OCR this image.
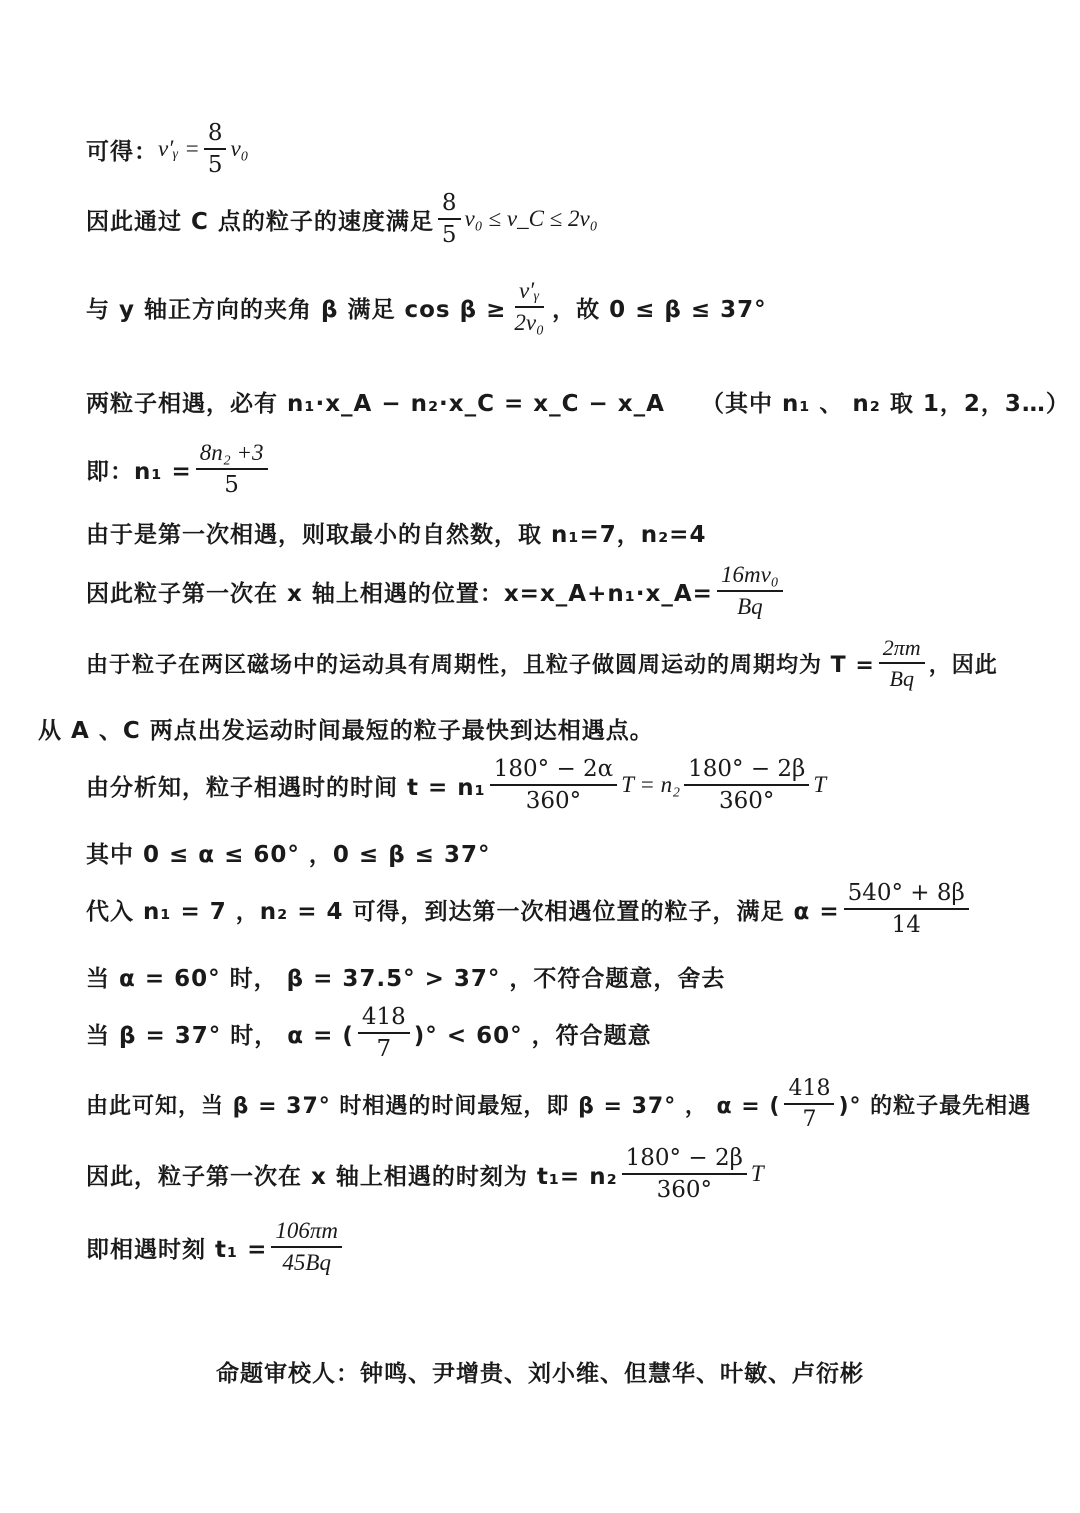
可得： v′ᵧ = $\frac{8}{5} v_0$
因此通过 C 点的粒子的速度满足 $\frac{8}{5} v_0$ ≤ v_C ≤ 2v₀
与 y 轴正方向的夹角 β 满足 $\cos \beta \ge \frac{\text{v′ᵧ}}{\text{2v₀}}$ ，故 0 ≤ β ≤ 37°
两粒子相遇，必有 n₁·x_A − n₂·x_C = x_C − x_A （其中 n₁ 、 n₂ 取 1，2，3…）
即：$n_1 = \frac{\text{8n₂ +3}}{5}$
由于是第一次相遇，则取最小的自然数，取 n₁=7，n₂=4
因此粒子第一次在 x 轴上相遇的位置：x=x_A+n₁·x_A= $\frac{\text{16mv₀}}{Bq}$
由于粒子在两区磁场中的运动具有周期性，且粒子做圆周运动的周期均为 $T = \frac{2\pi m}{Bq}$ ，因此
从 A 、C 两点出发运动时间最短的粒子最快到达相遇点。
由分析知，粒子相遇时的时间 $t = n_1 \frac{180^\circ - 2\alpha}{360^\circ}$ $T = n_2 \frac{180^\circ - 2\beta}{360^\circ}$ T
其中 0 ≤ α ≤ 60° ，0 ≤ β ≤ 37°
代入 n₁ = 7 ，n₂ = 4 可得，到达第一次相遇位置的粒子，满足 $\alpha = \frac{540^\circ + 8\beta}{14}$
当 α = 60° 时， β = 37.5° > 37° ，不符合题意，舍去
当 β = 37° 时， α = ( $\frac{418}{7}$ )° < 60° ，符合题意
由此可知，当 β = 37° 时相遇的时间最短，即 β = 37° ， α = ( $\frac{418}{7}$ )° 的粒子最先相遇
因此，粒子第一次在 x 轴上相遇的时刻为 $t_1= n_2 \frac{180^\circ - 2\beta}{360^\circ}$ T
即相遇时刻 $t_1 = \frac{106\pi m}{45Bq}$
命题审校人：钟鸣、尹增贵、刘小维、但慧华、叶敏、卢衍彬
